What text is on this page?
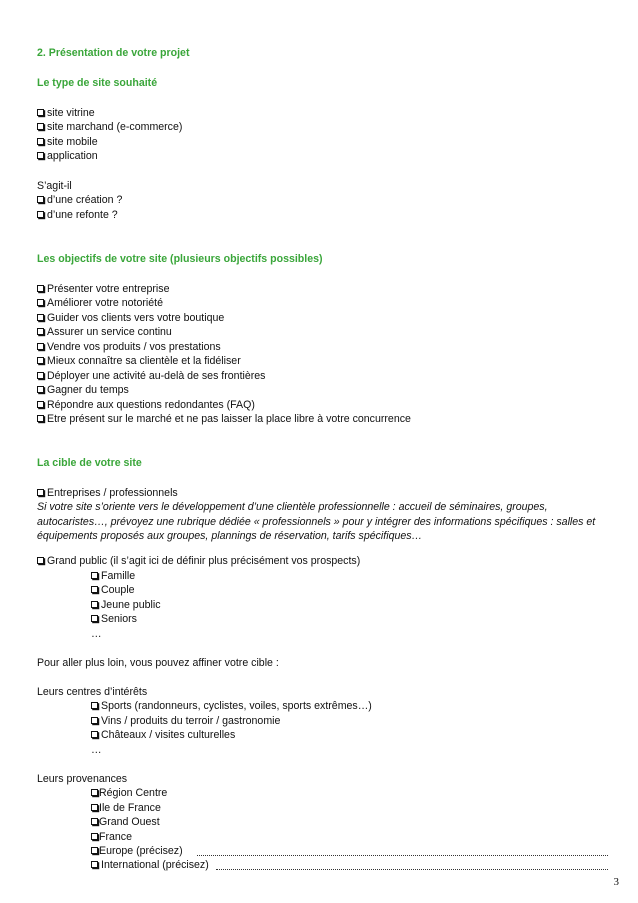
2. Présentation de votre projet
Le type de site souhaité
site vitrine
site marchand (e-commerce)
site mobile
application
S’agit-il
d’une création ?
d’une refonte ?
Les objectifs de votre site (plusieurs objectifs possibles)
Présenter votre entreprise
Améliorer votre notoriété
Guider vos clients vers votre boutique
Assurer un service continu
Vendre vos produits / vos prestations
Mieux connaître sa clientèle et la fidéliser
Déployer une activité au-delà de ses frontières
Gagner du temps
Répondre aux questions redondantes (FAQ)
Etre présent sur le marché et ne pas laisser la place libre à votre concurrence
La cible de votre site
Entreprises / professionnels
Si votre site s’oriente vers le développement d’une clientèle professionnelle : accueil de séminaires, groupes,
autocaristes…, prévoyez une rubrique dédiée « professionnels » pour y intégrer des informations spécifiques : salles et
équipements proposés aux groupes, plannings de réservation, tarifs spécifiques…
Grand public (il s’agit ici de définir plus précisément vos prospects)
Famille
Couple
Jeune public
Seniors
…
Pour aller plus loin, vous pouvez affiner votre cible :
Leurs centres d’intérêts
Sports (randonneurs, cyclistes, voiles, sports extrêmes…)
Vins / produits du terroir / gastronomie
Châteaux / visites culturelles
…
Leurs provenances
Région Centre
Ile de France
Grand Ouest
France
Europe (précisez)
International (précisez)
3
